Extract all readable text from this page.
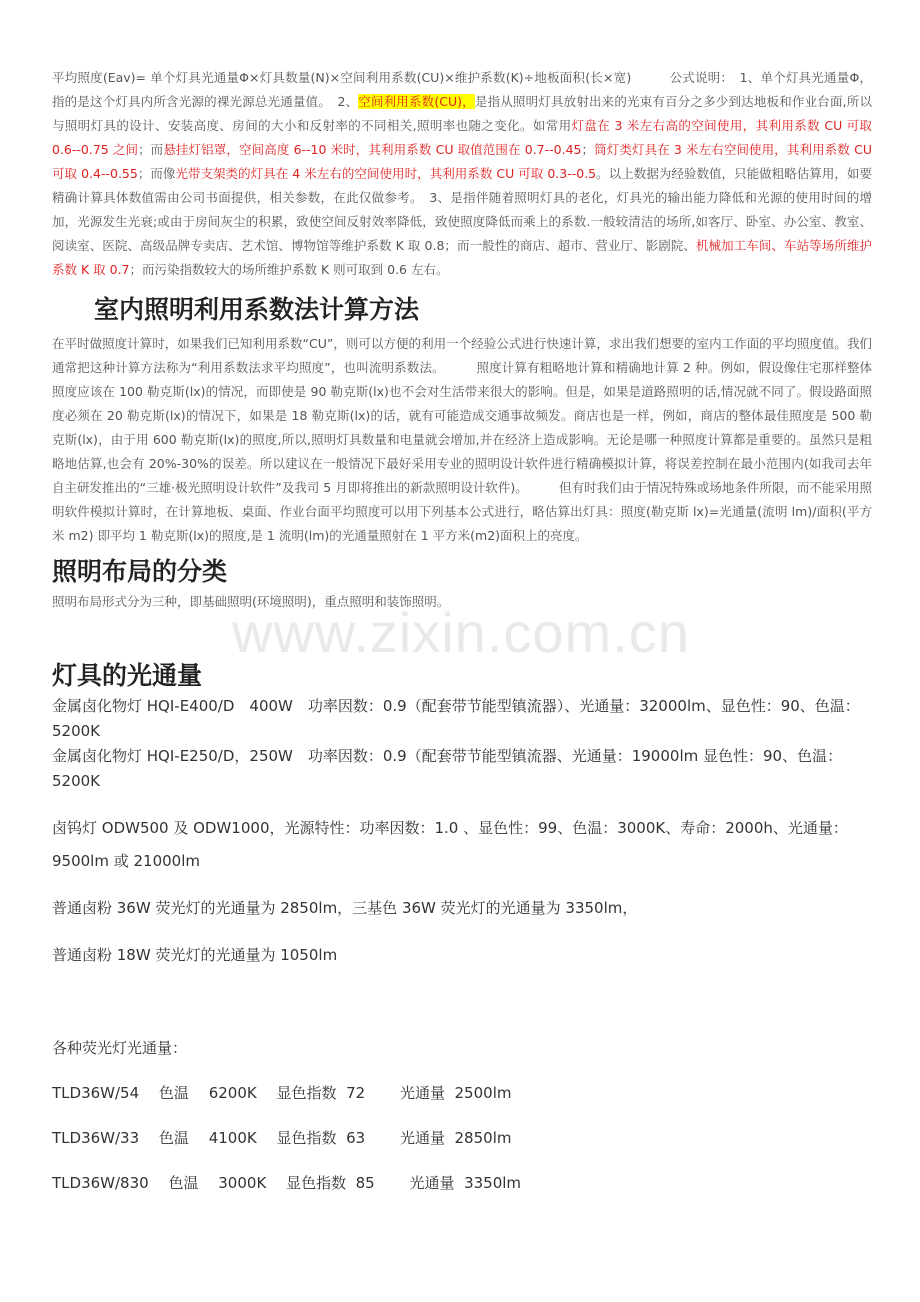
www.zixin.com.cn

平均照度(Eav)= 单个灯具光通量Φ×灯具数量(N)×空间利用系数(CU)×维护系数(K)÷地板面积(长×宽)　　　公式说明：　1、单个灯具光通量Φ，指的是这个灯具内所含光源的裸光源总光通量值。　2、空间利用系数(CU)，是指从照明灯具放射出来的光束有百分之多少到达地板和作业台面,所以与照明灯具的设计、安装高度、房间的大小和反射率的不同相关,照明率也随之变化。如常用灯盘在 3 米左右高的空间使用，其利用系数 CU 可取 0.6--0.75 之间；而悬挂灯铝罩，空间高度 6--10 米时，其利用系数 CU 取值范围在 0.7--0.45；筒灯类灯具在 3 米左右空间使用，其利用系数 CU 可取 0.4--0.55；而像光带支架类的灯具在 4 米左右的空间使用时，其利用系数 CU 可取 0.3--0.5。以上数据为经验数值，只能做粗略估算用，如要精确计算具体数值需由公司书面提供，相关参数，在此仅做参考。　3、是指伴随着照明灯具的老化，灯具光的输出能力降低和光源的使用时间的增加，光源发生光衰;或由于房间灰尘的积累，致使空间反射效率降低，致使照度降低而乘上的系数.一般较清洁的场所,如客厅、卧室、办公室、教室、阅读室、医院、高级品牌专卖店、艺术馆、博物馆等维护系数 K 取 0.8；而一般性的商店、超市、营业厅、影剧院、机械加工车间、车站等场所维护系数 K 取 0.7；而污染指数较大的场所维护系数 K 则可取到 0.6 左右。

室内照明利用系数法计算方法

在平时做照度计算时，如果我们已知利用系数“CU”，则可以方便的利用一个经验公式进行快速计算，求出我们想要的室内工作面的平均照度值。我们通常把这种计算方法称为“利用系数法求平均照度”，也叫流明系数法。　　　照度计算有粗略地计算和精确地计算 2 种。例如，假设像住宅那样整体照度应该在 100 勒克斯(lx)的情况，而即使是 90 勒克斯(lx)也不会对生活带来很大的影响。但是，如果是道路照明的话,情况就不同了。假设路面照度必须在 20 勒克斯(lx)的情况下，如果是 18 勒克斯(lx)的话，就有可能造成交通事故频发。商店也是一样，例如，商店的整体最佳照度是 500 勒克斯(lx)，由于用 600 勒克斯(lx)的照度,所以,照明灯具数量和电量就会增加,并在经济上造成影响。无论是哪一种照度计算都是重要的。虽然只是粗略地估算,也会有 20%-30%的误差。所以建议在一般情况下最好采用专业的照明设计软件进行精确模拟计算，将误差控制在最小范围内(如我司去年自主研发推出的“三雄·极光照明设计软件”及我司 5 月即将推出的新款照明设计软件)。　　　但有时我们由于情况特殊或场地条件所限，而不能采用照明软件模拟计算时，在计算地板、桌面、作业台面平均照度可以用下列基本公式进行，略估算出灯具：照度(勒克斯 lx)=光通量(流明 lm)/面积(平方米 m2) 即平均 1 勒克斯(lx)的照度,是 1 流明(lm)的光通量照射在 1 平方米(m2)面积上的亮度。

照明布局的分类

照明布局形式分为三种，即基础照明(环境照明)，重点照明和装饰照明。

灯具的光通量
金属卤化物灯 HQI-E400/D　400W　功率因数：0.9（配套带节能型镇流器）、光通量：32000lm、显色性：90、色温：5200K
金属卤化物灯 HQI-E250/D，250W　功率因数：0.9（配套带节能型镇流器、光通量：19000lm 显色性：90、色温：5200K
卤钨灯 ODW500 及 ODW1000，光源特性：功率因数：1.0 、显色性：99、色温：3000K、寿命：2000h、光通量：9500lm 或 21000lm
普通卤粉 36W 荧光灯的光通量为 2850lm，三基色 36W 荧光灯的光通量为 3350lm，
普通卤粉 18W 荧光灯的光通量为 1050lm
各种荧光灯光通量：
TLD36W/54　 色温　 6200K　 显色指数 72　　 光通量 2500lm
TLD36W/33　 色温　 4100K　 显色指数 63　　 光通量 2850lm
TLD36W/830　 色温　 3000K　 显色指数 85　　 光通量 3350lm
